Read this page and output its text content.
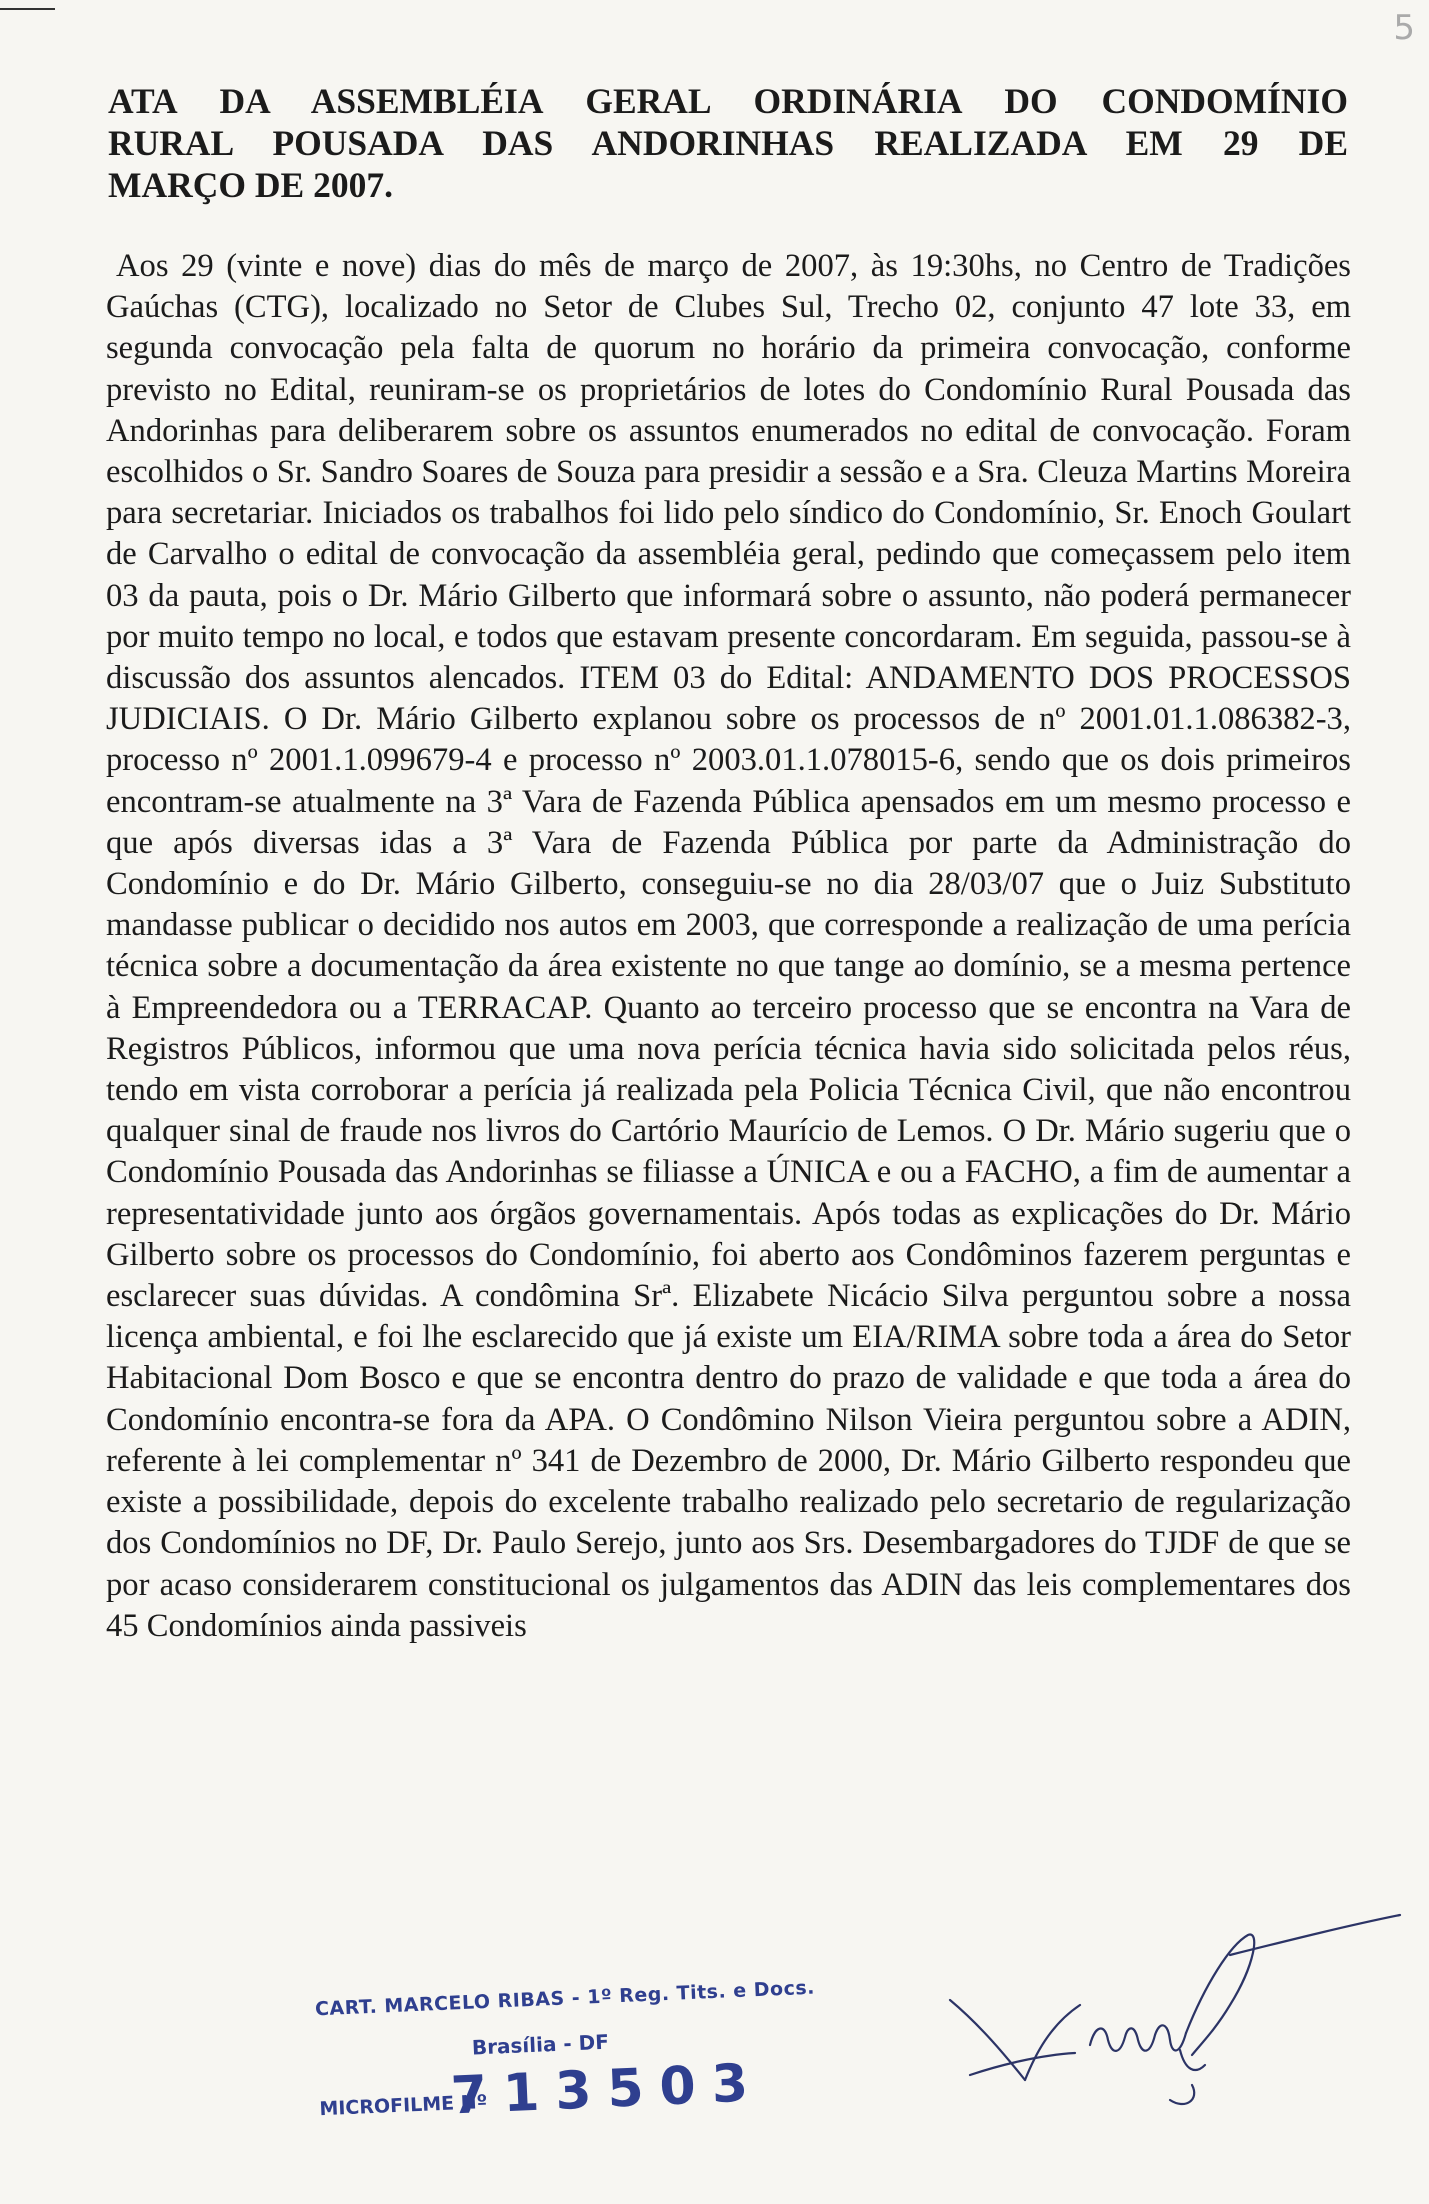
5
ATA DA ASSEMBLÉIA GERAL ORDINÁRIA DO CONDOMÍNIO
RURAL POUSADA DAS ANDORINHAS REALIZADA EM 29 DE
MARÇO DE 2007.

Aos 29 (vinte e nove) dias do mês de março de 2007, às 19:30hs, no Centro de Tradições Gaúchas (CTG), localizado no Setor de Clubes Sul, Trecho 02, conjunto 47 lote 33, em segunda convocação pela falta de quorum no horário da primeira convocação, conforme previsto no Edital, reuniram-se os proprietários de lotes do Condomínio Rural Pousada das Andorinhas para deliberarem sobre os assuntos enumerados no edital de convocação. Foram escolhidos o Sr. Sandro Soares de Souza para presidir a sessão e a Sra. Cleuza Martins Moreira para secretariar. Iniciados os trabalhos foi lido pelo síndico do Condomínio, Sr. Enoch Goulart de Carvalho o edital de convocação da assembléia geral, pedindo que começassem pelo item 03 da pauta, pois o Dr. Mário Gilberto que informará sobre o assunto, não poderá permanecer por muito tempo no local, e todos que estavam presente concordaram. Em seguida, passou-se à discussão dos assuntos alencados. ITEM 03 do Edital: ANDAMENTO DOS PROCESSOS JUDICIAIS. O Dr. Mário Gilberto explanou sobre os processos de nº 2001.01.1.086382-3, processo nº 2001.1.099679-4 e processo nº 2003.01.1.078015-6, sendo que os dois primeiros encontram-se atualmente na 3ª Vara de Fazenda Pública apensados em um mesmo processo e que após diversas idas a 3ª Vara de Fazenda Pública por parte da Administração do Condomínio e do Dr. Mário Gilberto, conseguiu-se no dia 28/03/07 que o Juiz Substituto mandasse publicar o decidido nos autos em 2003, que corresponde a realização de uma perícia técnica sobre a documentação da área existente no que tange ao domínio, se a mesma pertence à Empreendedora ou a TERRACAP. Quanto ao terceiro processo que se encontra na Vara de Registros Públicos, informou que uma nova perícia técnica havia sido solicitada pelos réus, tendo em vista corroborar a perícia já realizada pela Policia Técnica Civil, que não encontrou qualquer sinal de fraude nos livros do Cartório Maurício de Lemos. O Dr. Mário sugeriu que o Condomínio Pousada das Andorinhas se filiasse a ÚNICA e ou a FACHO, a fim de aumentar a representatividade junto aos órgãos governamentais. Após todas as explicações do Dr. Mário Gilberto sobre os processos do Condomínio, foi aberto aos Condôminos fazerem perguntas e esclarecer suas dúvidas. A condômina Srª. Elizabete Nicácio Silva perguntou sobre a nossa licença ambiental, e foi lhe esclarecido que já existe um EIA/RIMA sobre toda a área do Setor Habitacional Dom Bosco e que se encontra dentro do prazo de validade e que toda a área do Condomínio encontra-se fora da APA. O Condômino Nilson Vieira perguntou sobre a ADIN, referente à lei complementar nº 341 de Dezembro de 2000, Dr. Mário Gilberto respondeu que existe a possibilidade, depois do excelente trabalho realizado pelo secretario de regularização dos Condomínios no DF, Dr. Paulo Serejo, junto aos Srs. Desembargadores do TJDF de que se por acaso considerarem constitucional os julgamentos das ADIN das leis complementares dos 45 Condomínios ainda passiveis

CART. MARCELO RIBAS - 1º Reg. Tits. e Docs.
Brasília - DF
MICROFILME Nº
713503
